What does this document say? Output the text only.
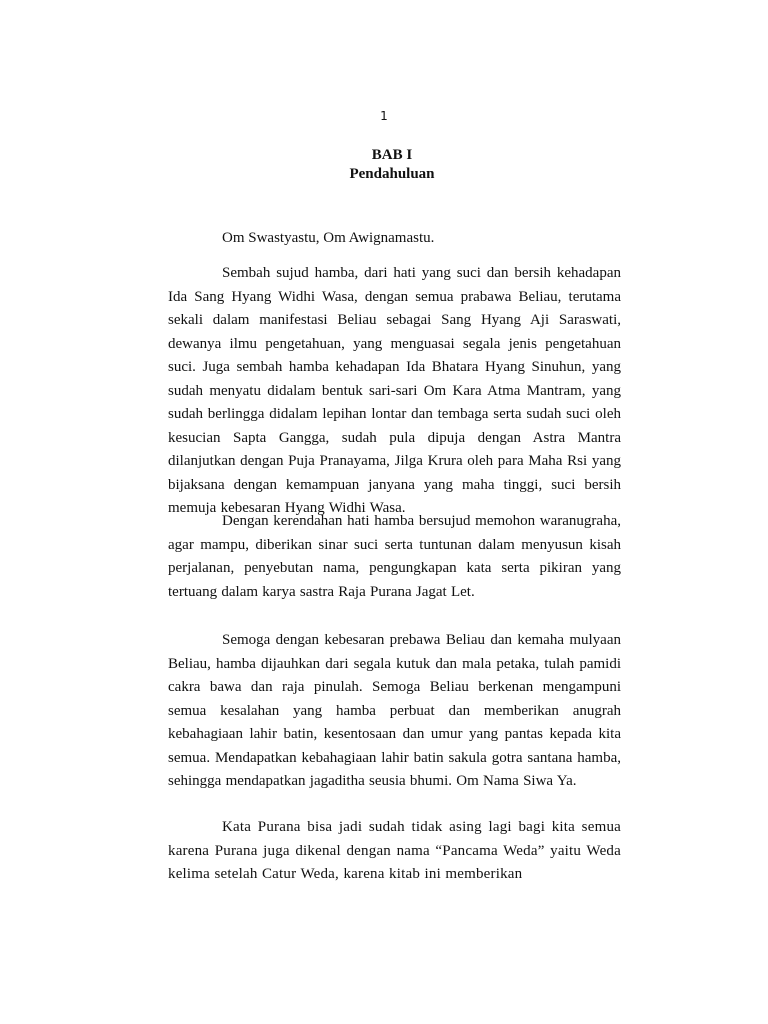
1
BAB I
Pendahuluan
Om Swastyastu, Om Awignamastu.

Sembah sujud hamba, dari hati yang suci dan bersih kehadapan Ida Sang Hyang Widhi Wasa, dengan semua prabawa Beliau, terutama sekali dalam manifestasi Beliau sebagai Sang Hyang Aji Saraswati, dewanya ilmu pengetahuan, yang menguasai segala jenis pengetahuan suci. Juga sembah hamba kehadapan Ida Bhatara Hyang Sinuhun, yang sudah menyatu didalam bentuk sari-sari Om Kara Atma Mantram, yang sudah berlingga didalam lepihan lontar dan tembaga serta sudah suci oleh kesucian Sapta Gangga, sudah pula dipuja dengan Astra Mantra dilanjutkan dengan Puja Pranayama, Jilga Krura oleh para Maha Rsi yang bijaksana dengan kemampuan janyana yang maha tinggi, suci bersih memuja kebesaran Hyang Widhi Wasa.

Dengan kerendahan hati hamba bersujud memohon waranugraha, agar mampu, diberikan sinar suci serta tuntunan dalam menyusun kisah perjalanan, penyebutan nama, pengungkapan kata serta pikiran yang tertuang dalam karya sastra Raja Purana Jagat Let.

Semoga dengan kebesaran prebawa Beliau dan kemaha mulyaan Beliau, hamba dijauhkan dari segala kutuk dan mala petaka, tulah pamidi cakra bawa dan raja pinulah. Semoga Beliau berkenan mengampuni semua kesalahan yang hamba perbuat dan memberikan anugrah kebahagiaan lahir batin, kesentosaan dan umur yang pantas kepada kita semua. Mendapatkan kebahagiaan lahir batin sakula gotra santana hamba, sehingga mendapatkan jagaditha seusia bhumi. Om Nama Siwa Ya.

Kata Purana bisa jadi sudah tidak asing lagi bagi kita semua karena Purana juga dikenal dengan nama “Pancama Weda” yaitu Weda kelima setelah Catur Weda, karena kitab ini memberikan
